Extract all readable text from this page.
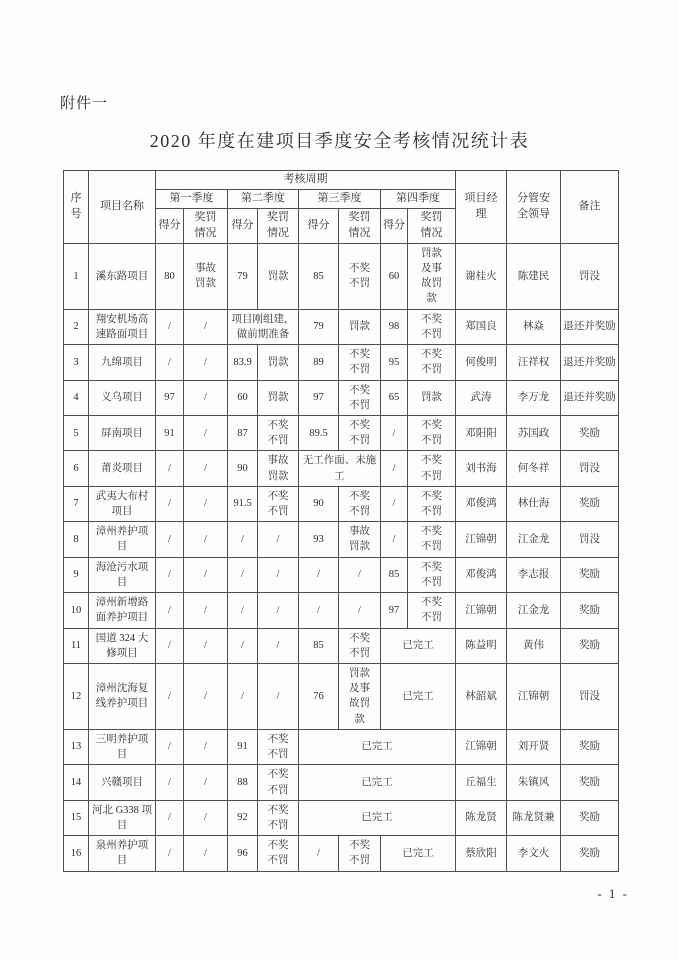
附件一
2020 年度在建项目季度安全考核情况统计表
序号	项目名称	考核周期								项目经理	分管安全领导	备注
		第一季度		第二季度		第三季度		第四季度				
		得分	奖罚情况	得分	奖罚情况	得分	奖罚情况	得分	奖罚情况			
1	溪东路项目	80	事故罚款	79	罚款	85	不奖不罚	60	罚款及事故罚款	谢桂火	陈建民	罚没
2	翔安机场高速路面项目	/	/	项目刚组建，做前期准备		79	罚款	98	不奖不罚	郑国良	林焱	退还并奖励
3	九绵项目	/	/	83.9	罚款	89	不奖不罚	95	不奖不罚	何俊明	汪祥权	退还并奖励
4	义乌项目	97	/	60	罚款	97	不奖不罚	65	罚款	武涛	李万龙	退还并奖励
5	屏南项目	91	/	87	不奖不罚	89.5	不奖不罚	/	不奖不罚	邓阳阳	苏国政	奖励
6	莆炎项目	/	/	90	事故罚款	无工作面、未施工		/	不奖不罚	刘书海	何冬祥	罚没
7	武夷大布村项目	/	/	91.5	不奖不罚	90	不奖不罚	/	不奖不罚	邓俊鸿	林仕海	奖励
8	漳州养护项目	/	/	/	/	93	事故罚款	/	不奖不罚	江锦朝	江金龙	罚没
9	海沧污水项目	/	/	/	/	/	/	85	不奖不罚	邓俊鸿	李志报	奖励
10	漳州新增路面养护项目	/	/	/	/	/	/	97	不奖不罚	江锦朝	江金龙	奖励
11	国道 324 大修项目	/	/	/	/	85	不奖不罚	已完工		陈益明	黄伟	奖励
12	漳州沈海复线养护项目	/	/	/	/	76	罚款及事故罚款	已完工		林韶斌	江锦朝	罚没
13	三明养护项目	/	/	91	不奖不罚	已完工				江锦朝	刘开贤	奖励
14	兴赣项目	/	/	88	不奖不罚	已完工				丘福生	朱镇风	奖励
15	河北 G338 项目	/	/	92	不奖不罚	已完工				陈龙贤	陈龙贤兼	奖励
16	泉州养护项目	/	/	96	不奖不罚	/	不奖不罚	已完工		蔡欣阳	李文火	奖励
- 1 -
